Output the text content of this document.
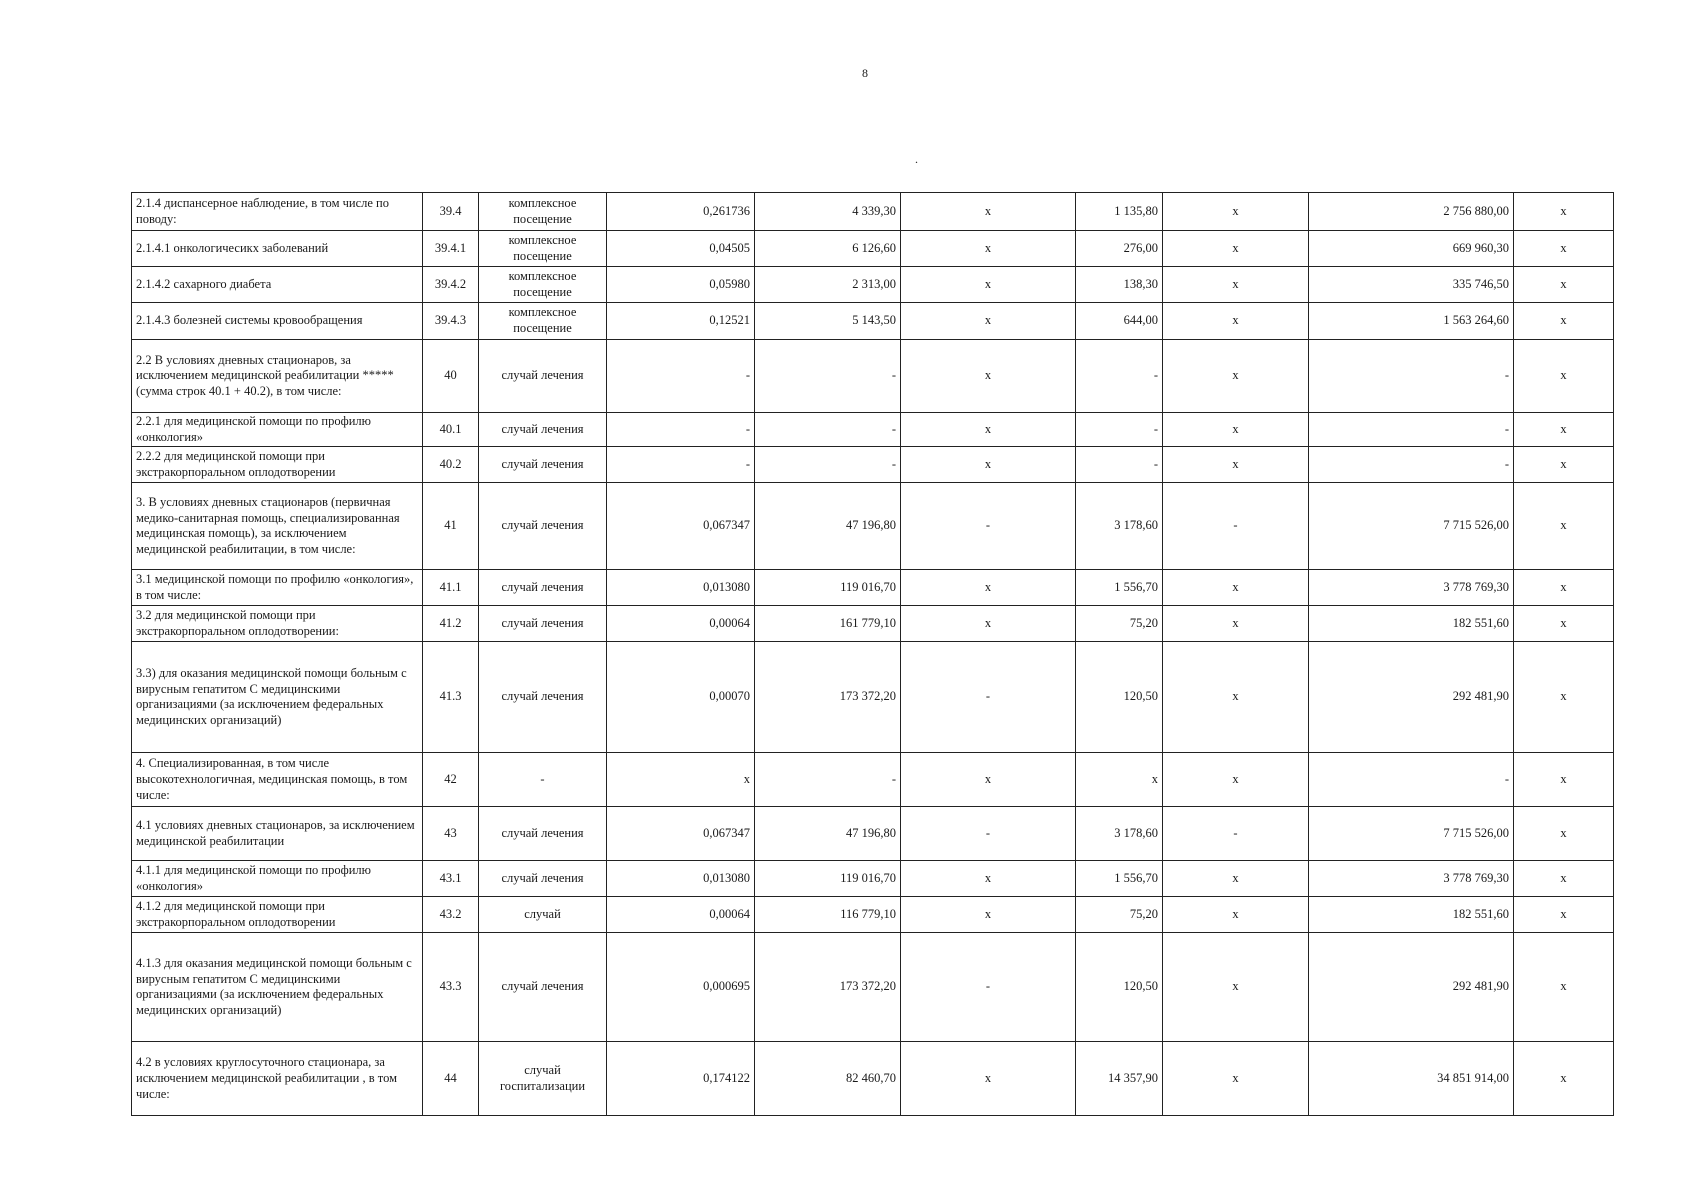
8
.
2.1.4 диспансерное наблюдение, в том числе по поводу:	39.4	комплексное посещение	0,261736	4 339,30	x	1 135,80	x	2 756 880,00	x
2.1.4.1 онкологичесикх заболеваний	39.4.1	комплексное посещение	0,04505	6 126,60	x	276,00	x	669 960,30	x
2.1.4.2 сахарного диабета	39.4.2	комплексное посещение	0,05980	2 313,00	x	138,30	x	335 746,50	x
2.1.4.3 болезней системы кровообращения	39.4.3	комплексное посещение	0,12521	5 143,50	x	644,00	x	1 563 264,60	x
2.2 В условиях дневных стационаров, за исключением медицинской реабилитации ***** (сумма строк 40.1 + 40.2), в том числе:	40	случай лечения	-	-	x	-	x	-	x
2.2.1 для медицинской помощи по профилю «онкология»	40.1	случай лечения	-	-	x	-	x	-	x
2.2.2 для медицинской помощи при экстракорпоральном оплодотворении	40.2	случай лечения	-	-	x	-	x	-	x
3. В условиях дневных стационаров (первичная медико-санитарная помощь, специализированная медицинская помощь), за исключением медицинской реабилитации, в том числе:	41	случай лечения	0,067347	47 196,80	-	3 178,60	-	7 715 526,00	x
3.1 медицинской помощи по профилю «онкология», в том числе:	41.1	случай лечения	0,013080	119 016,70	x	1 556,70	x	3 778 769,30	x
3.2 для медицинской помощи при экстракорпоральном оплодотворении:	41.2	случай лечения	0,00064	161 779,10	x	75,20	x	182 551,60	x
3.3) для оказания медицинской помощи больным с вирусным гепатитом С медицинскими организациями (за исключением федеральных медицинских организаций)	41.3	случай лечения	0,00070	173 372,20	-	120,50	x	292 481,90	x
4. Специализированная, в том числе высокотехнологичная, медицинская помощь, в том числе:	42	-	x	-	x	x	x	-	x
4.1 условиях дневных стационаров, за исключением медицинской реабилитации	43	случай лечения	0,067347	47 196,80	-	3 178,60	-	7 715 526,00	x
4.1.1 для медицинской помощи по профилю «онкология»	43.1	случай лечения	0,013080	119 016,70	x	1 556,70	x	3 778 769,30	x
4.1.2 для медицинской помощи при экстракорпоральном оплодотворении	43.2	случай	0,00064	116 779,10	x	75,20	x	182 551,60	x
4.1.3 для оказания медицинской помощи больным с вирусным гепатитом С медицинскими организациями (за исключением федеральных медицинских организаций)	43.3	случай лечения	0,000695	173 372,20	-	120,50	x	292 481,90	x
4.2 в условиях круглосуточного стационара, за исключением медицинской реабилитации , в том числе:	44	случай госпитализации	0,174122	82 460,70	x	14 357,90	x	34 851 914,00	x
